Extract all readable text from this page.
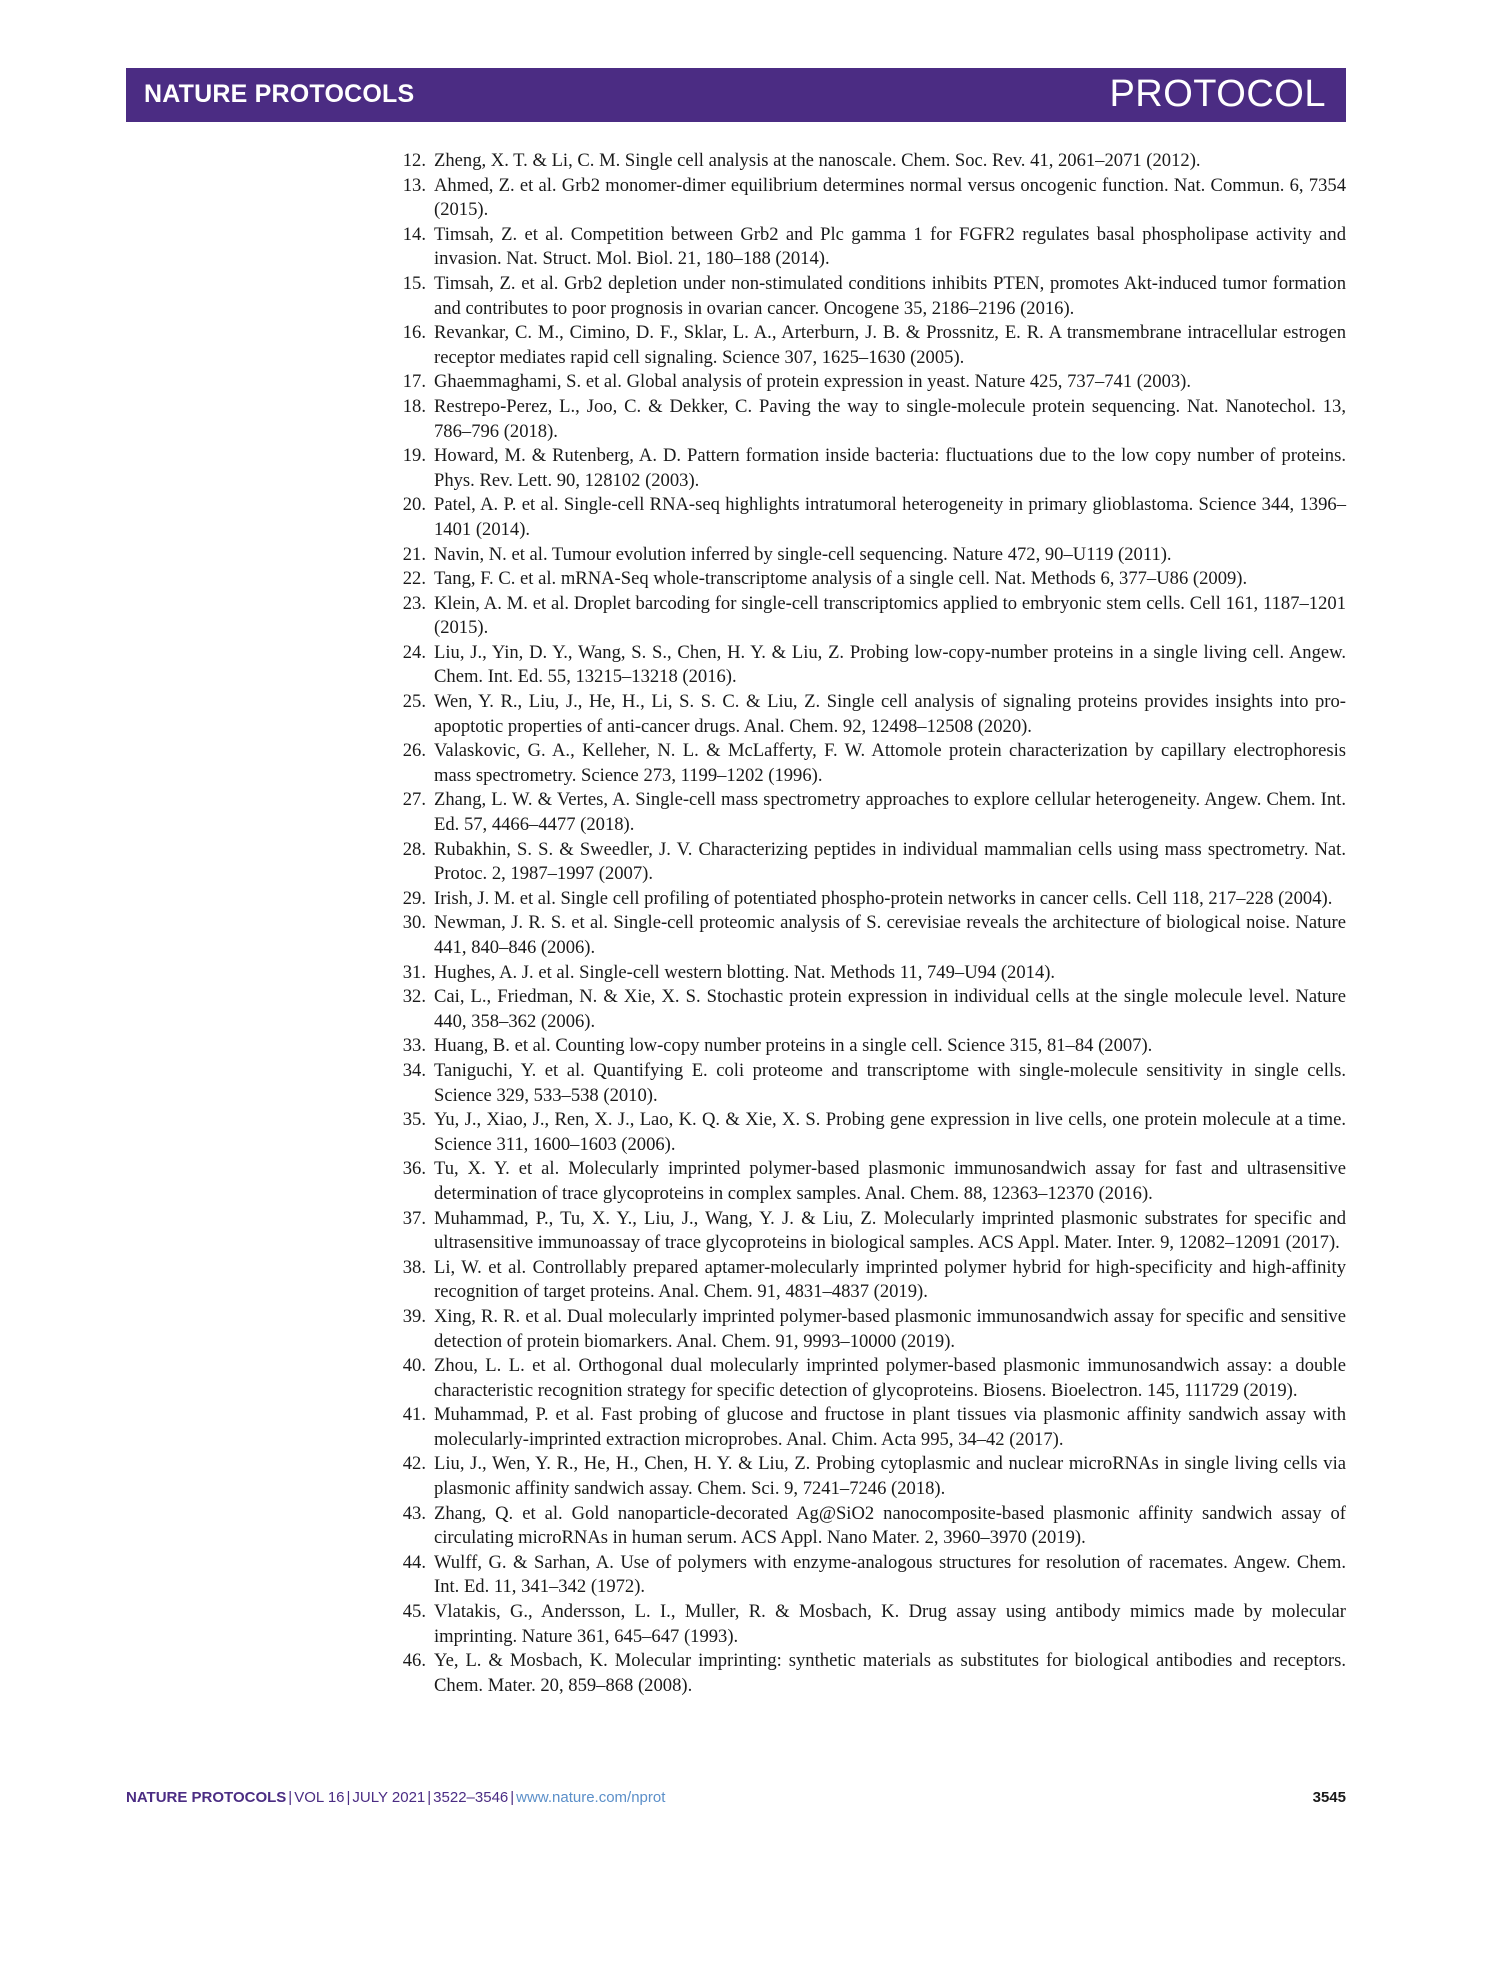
NATURE PROTOCOLS	PROTOCOL
12. Zheng, X. T. & Li, C. M. Single cell analysis at the nanoscale. Chem. Soc. Rev. 41, 2061–2071 (2012).
13. Ahmed, Z. et al. Grb2 monomer-dimer equilibrium determines normal versus oncogenic function. Nat. Commun. 6, 7354 (2015).
14. Timsah, Z. et al. Competition between Grb2 and Plc gamma 1 for FGFR2 regulates basal phospholipase activity and invasion. Nat. Struct. Mol. Biol. 21, 180–188 (2014).
15. Timsah, Z. et al. Grb2 depletion under non-stimulated conditions inhibits PTEN, promotes Akt-induced tumor formation and contributes to poor prognosis in ovarian cancer. Oncogene 35, 2186–2196 (2016).
16. Revankar, C. M., Cimino, D. F., Sklar, L. A., Arterburn, J. B. & Prossnitz, E. R. A transmembrane intracellular estrogen receptor mediates rapid cell signaling. Science 307, 1625–1630 (2005).
17. Ghaemmaghami, S. et al. Global analysis of protein expression in yeast. Nature 425, 737–741 (2003).
18. Restrepo-Perez, L., Joo, C. & Dekker, C. Paving the way to single-molecule protein sequencing. Nat. Nanotechol. 13, 786–796 (2018).
19. Howard, M. & Rutenberg, A. D. Pattern formation inside bacteria: fluctuations due to the low copy number of proteins. Phys. Rev. Lett. 90, 128102 (2003).
20. Patel, A. P. et al. Single-cell RNA-seq highlights intratumoral heterogeneity in primary glioblastoma. Science 344, 1396–1401 (2014).
21. Navin, N. et al. Tumour evolution inferred by single-cell sequencing. Nature 472, 90–U119 (2011).
22. Tang, F. C. et al. mRNA-Seq whole-transcriptome analysis of a single cell. Nat. Methods 6, 377–U86 (2009).
23. Klein, A. M. et al. Droplet barcoding for single-cell transcriptomics applied to embryonic stem cells. Cell 161, 1187–1201 (2015).
24. Liu, J., Yin, D. Y., Wang, S. S., Chen, H. Y. & Liu, Z. Probing low-copy-number proteins in a single living cell. Angew. Chem. Int. Ed. 55, 13215–13218 (2016).
25. Wen, Y. R., Liu, J., He, H., Li, S. S. C. & Liu, Z. Single cell analysis of signaling proteins provides insights into pro-apoptotic properties of anti-cancer drugs. Anal. Chem. 92, 12498–12508 (2020).
26. Valaskovic, G. A., Kelleher, N. L. & McLafferty, F. W. Attomole protein characterization by capillary electrophoresis mass spectrometry. Science 273, 1199–1202 (1996).
27. Zhang, L. W. & Vertes, A. Single-cell mass spectrometry approaches to explore cellular heterogeneity. Angew. Chem. Int. Ed. 57, 4466–4477 (2018).
28. Rubakhin, S. S. & Sweedler, J. V. Characterizing peptides in individual mammalian cells using mass spectrometry. Nat. Protoc. 2, 1987–1997 (2007).
29. Irish, J. M. et al. Single cell profiling of potentiated phospho-protein networks in cancer cells. Cell 118, 217–228 (2004).
30. Newman, J. R. S. et al. Single-cell proteomic analysis of S. cerevisiae reveals the architecture of biological noise. Nature 441, 840–846 (2006).
31. Hughes, A. J. et al. Single-cell western blotting. Nat. Methods 11, 749–U94 (2014).
32. Cai, L., Friedman, N. & Xie, X. S. Stochastic protein expression in individual cells at the single molecule level. Nature 440, 358–362 (2006).
33. Huang, B. et al. Counting low-copy number proteins in a single cell. Science 315, 81–84 (2007).
34. Taniguchi, Y. et al. Quantifying E. coli proteome and transcriptome with single-molecule sensitivity in single cells. Science 329, 533–538 (2010).
35. Yu, J., Xiao, J., Ren, X. J., Lao, K. Q. & Xie, X. S. Probing gene expression in live cells, one protein molecule at a time. Science 311, 1600–1603 (2006).
36. Tu, X. Y. et al. Molecularly imprinted polymer-based plasmonic immunosandwich assay for fast and ultrasensitive determination of trace glycoproteins in complex samples. Anal. Chem. 88, 12363–12370 (2016).
37. Muhammad, P., Tu, X. Y., Liu, J., Wang, Y. J. & Liu, Z. Molecularly imprinted plasmonic substrates for specific and ultrasensitive immunoassay of trace glycoproteins in biological samples. ACS Appl. Mater. Inter. 9, 12082–12091 (2017).
38. Li, W. et al. Controllably prepared aptamer-molecularly imprinted polymer hybrid for high-specificity and high-affinity recognition of target proteins. Anal. Chem. 91, 4831–4837 (2019).
39. Xing, R. R. et al. Dual molecularly imprinted polymer-based plasmonic immunosandwich assay for specific and sensitive detection of protein biomarkers. Anal. Chem. 91, 9993–10000 (2019).
40. Zhou, L. L. et al. Orthogonal dual molecularly imprinted polymer-based plasmonic immunosandwich assay: a double characteristic recognition strategy for specific detection of glycoproteins. Biosens. Bioelectron. 145, 111729 (2019).
41. Muhammad, P. et al. Fast probing of glucose and fructose in plant tissues via plasmonic affinity sandwich assay with molecularly-imprinted extraction microprobes. Anal. Chim. Acta 995, 34–42 (2017).
42. Liu, J., Wen, Y. R., He, H., Chen, H. Y. & Liu, Z. Probing cytoplasmic and nuclear microRNAs in single living cells via plasmonic affinity sandwich assay. Chem. Sci. 9, 7241–7246 (2018).
43. Zhang, Q. et al. Gold nanoparticle-decorated Ag@SiO2 nanocomposite-based plasmonic affinity sandwich assay of circulating microRNAs in human serum. ACS Appl. Nano Mater. 2, 3960–3970 (2019).
44. Wulff, G. & Sarhan, A. Use of polymers with enzyme-analogous structures for resolution of racemates. Angew. Chem. Int. Ed. 11, 341–342 (1972).
45. Vlatakis, G., Andersson, L. I., Muller, R. & Mosbach, K. Drug assay using antibody mimics made by molecular imprinting. Nature 361, 645–647 (1993).
46. Ye, L. & Mosbach, K. Molecular imprinting: synthetic materials as substitutes for biological antibodies and receptors. Chem. Mater. 20, 859–868 (2008).
NATURE PROTOCOLS | VOL 16 | JULY 2021 | 3522–3546 | www.nature.com/nprot	3545
